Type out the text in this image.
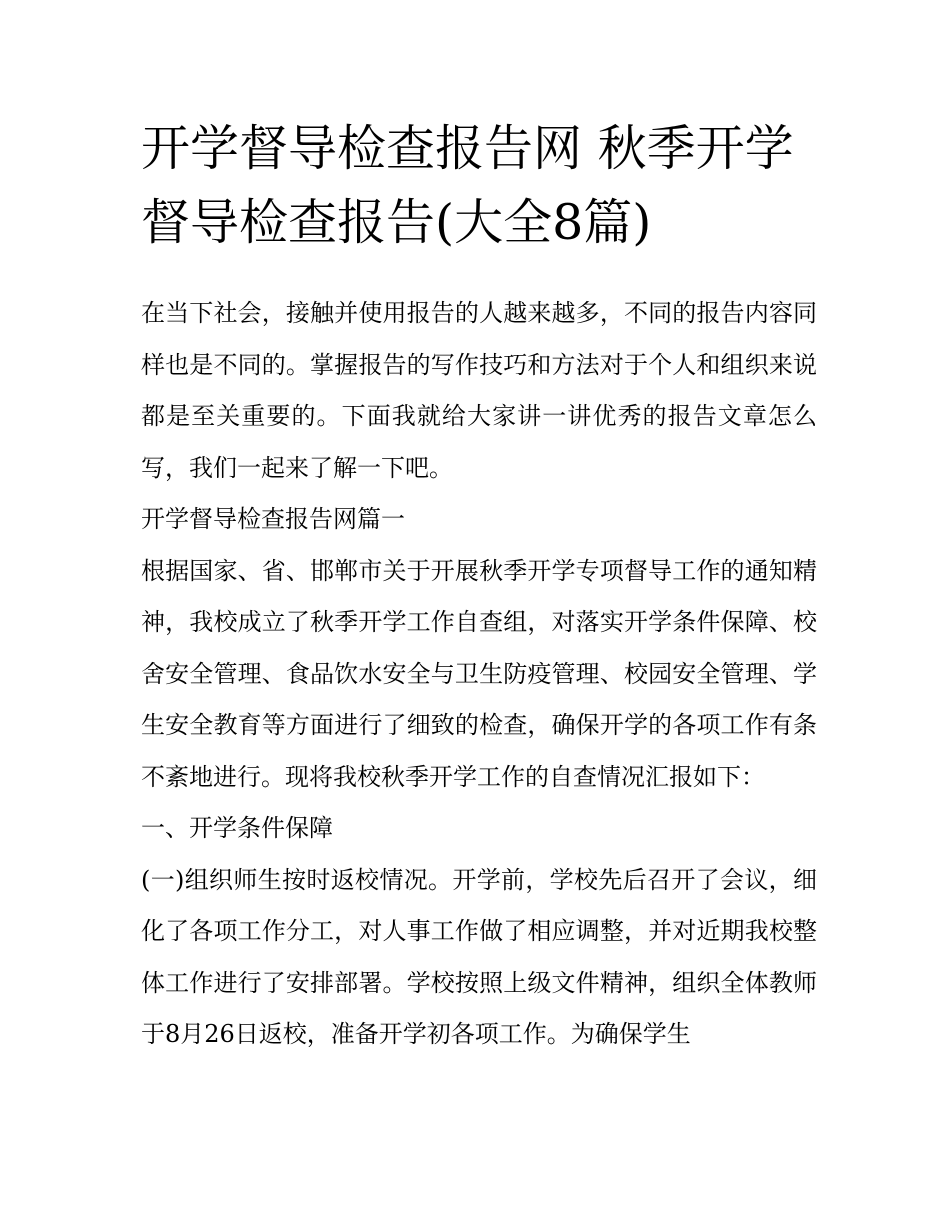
开学督导检查报告网 秋季开学督导检查报告(大全8篇)

在当下社会，接触并使用报告的人越来越多，不同的报告内容同样也是不同的。掌握报告的写作技巧和方法对于个人和组织来说都是至关重要的。下面我就给大家讲一讲优秀的报告文章怎么写，我们一起来了解一下吧。

开学督导检查报告网篇一

根据国家、省、邯郸市关于开展秋季开学专项督导工作的通知精神，我校成立了秋季开学工作自查组，对落实开学条件保障、校舍安全管理、食品饮水安全与卫生防疫管理、校园安全管理、学生安全教育等方面进行了细致的检查，确保开学的各项工作有条不紊地进行。现将我校秋季开学工作的自查情况汇报如下：

一、开学条件保障

(一)组织师生按时返校情况。开学前，学校先后召开了会议，细化了各项工作分工，对人事工作做了相应调整，并对近期我校整体工作进行了安排部署。学校按照上级文件精神，组织全体教师于8月26日返校，准备开学初各项工作。为确保学生
